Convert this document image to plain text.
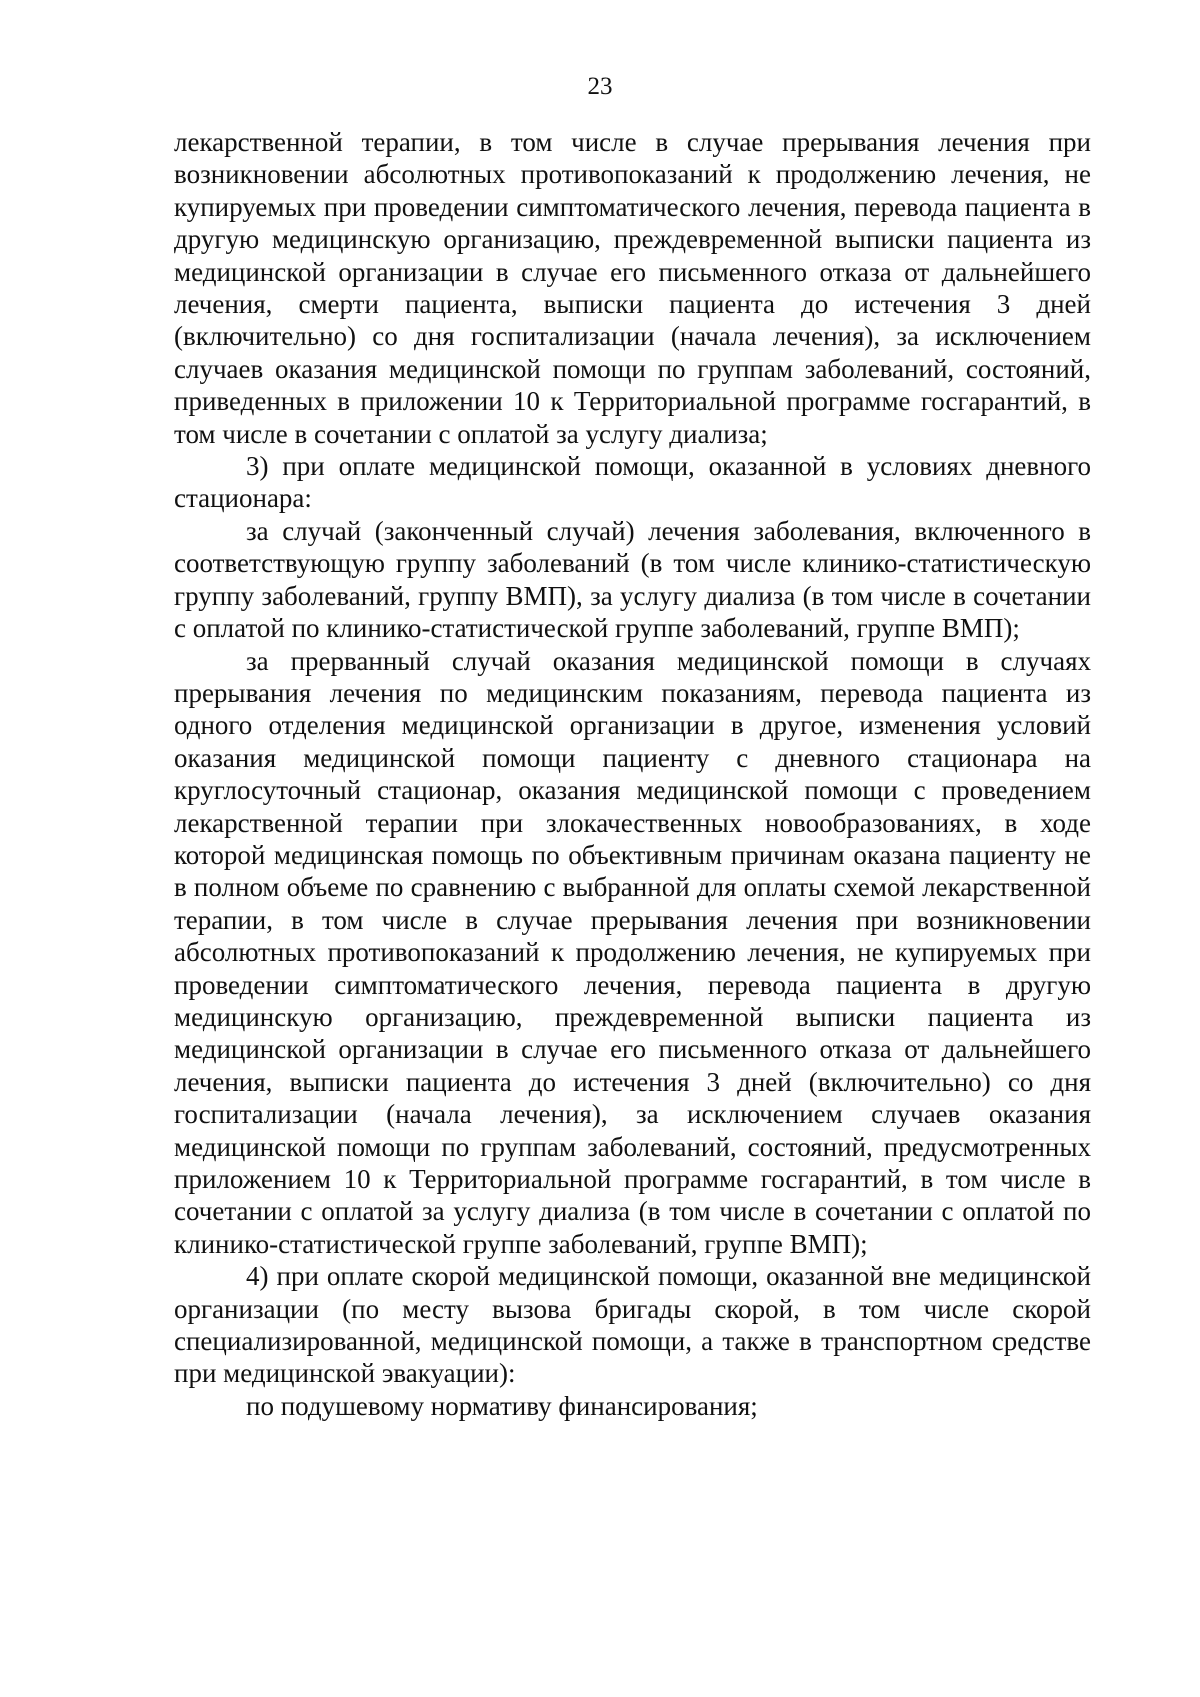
23

лекарственной терапии, в том числе в случае прерывания лечения при возникновении абсолютных противопоказаний к продолжению лечения, не купируемых при проведении симптоматического лечения, перевода пациента в другую медицинскую организацию, преждевременной выписки пациента из медицинской организации в случае его письменного отказа от дальнейшего лечения, смерти пациента, выписки пациента до истечения 3 дней (включительно) со дня госпитализации (начала лечения), за исключением случаев оказания медицинской помощи по группам заболеваний, состояний, приведенных в приложении 10 к Территориальной программе госгарантий, в том числе в сочетании с оплатой за услугу диализа;

3) при оплате медицинской помощи, оказанной в условиях дневного стационара:

за случай (законченный случай) лечения заболевания, включенного в соответствующую группу заболеваний (в том числе клинико-статистическую группу заболеваний, группу ВМП), за услугу диализа (в том числе в сочетании с оплатой по клинико-статистической группе заболеваний, группе ВМП);

за прерванный случай оказания медицинской помощи в случаях прерывания лечения по медицинским показаниям, перевода пациента из одного отделения медицинской организации в другое, изменения условий оказания медицинской помощи пациенту с дневного стационара на круглосуточный стационар, оказания медицинской помощи с проведением лекарственной терапии при злокачественных новообразованиях, в ходе которой медицинская помощь по объективным причинам оказана пациенту не в полном объеме по сравнению с выбранной для оплаты схемой лекарственной терапии, в том числе в случае прерывания лечения при возникновении абсолютных противопоказаний к продолжению лечения, не купируемых при проведении симптоматического лечения, перевода пациента в другую медицинскую организацию, преждевременной выписки пациента из медицинской организации в случае его письменного отказа от дальнейшего лечения, выписки пациента до истечения 3 дней (включительно) со дня госпитализации (начала лечения), за исключением случаев оказания медицинской помощи по группам заболеваний, состояний, предусмотренных приложением 10 к Территориальной программе госгарантий, в том числе в сочетании с оплатой за услугу диализа (в том числе в сочетании с оплатой по клинико-статистической группе заболеваний, группе ВМП);

4) при оплате скорой медицинской помощи, оказанной вне медицинской организации (по месту вызова бригады скорой, в том числе скорой специализированной, медицинской помощи, а также в транспортном средстве при медицинской эвакуации):

по подушевому нормативу финансирования;
